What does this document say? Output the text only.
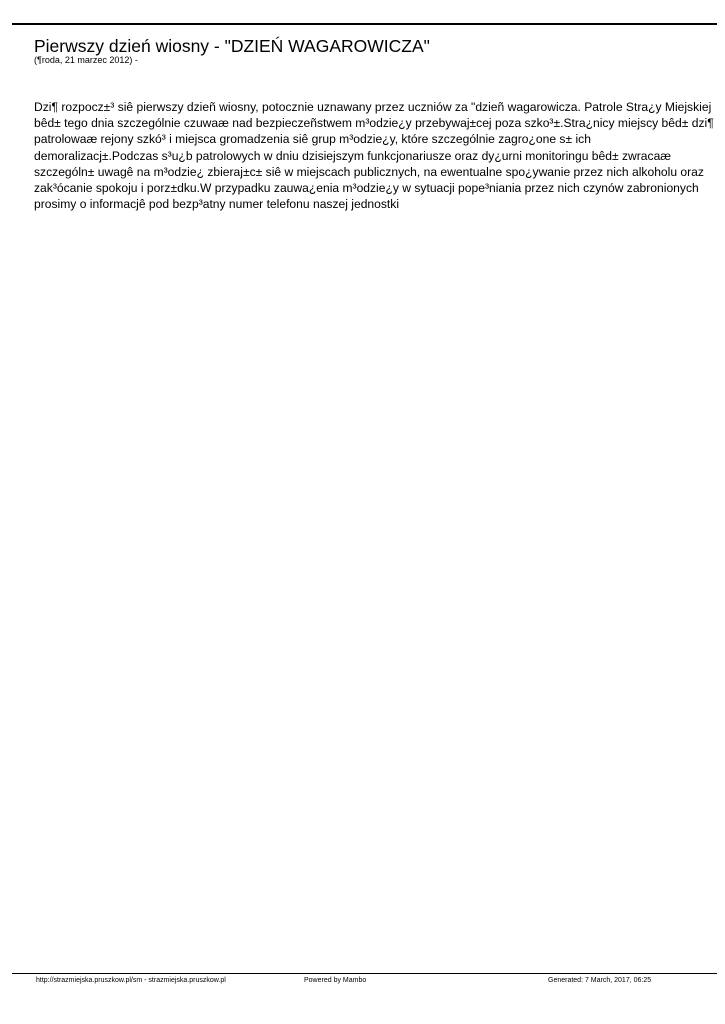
Pierwszy dzień wiosny - "DZIEŃ WAGAROWICZA"
(¶roda, 21 marzec 2012) -

Dzi¶ rozpocz±³ siê pierwszy dzieñ wiosny, potocznie uznawany przez uczniów za "dzieñ wagarowicza. Patrole Stra¿y Miejskiej bêd± tego dnia szczególnie czuwaæ nad bezpieczeñstwem m³odzie¿y przebywaj±cej poza szko³±.Stra¿nicy miejscy bêd± dzi¶ patrolowaæ rejony szkó³ i miejsca gromadzenia siê grup m³odzie¿y, które szczególnie zagro¿one s± ich demoralizacj±.Podczas s³u¿b patrolowych w dniu dzisiejszym funkcjonariusze oraz dy¿urni monitoringu bêd± zwracaæ szczególn± uwagê na m³odzie¿ zbieraj±c± siê w miejscach publicznych, na ewentualne spo¿ywanie przez nich alkoholu oraz zak³ócanie spokoju i porz±dku.W przypadku zauwa¿enia m³odzie¿y w sytuacji pope³niania przez nich czynów zabronionych prosimy o informacjê pod bezp³atny numer telefonu naszej jednostki

http://strazmiejska.pruszkow.pl/sm - strazmiejska.pruszkow.pl	Powered by Mambo	Generated: 7 March, 2017, 06:25
